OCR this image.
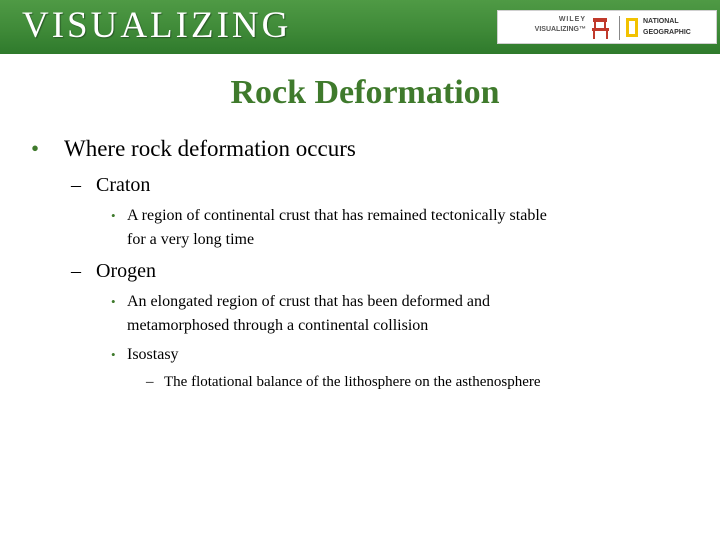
VISUALIZING	WILEY
VISUALIZING™
NATIONAL
GEOGRAPHIC
Rock Deformation
• Where rock deformation occurs
– Craton
• A region of continental crust that has remained tectonically stable
for a very long time
– Orogen
• An elongated region of crust that has been deformed and
metamorphosed through a continental collision
• Isostasy
– The flotational balance of the lithosphere on the asthenosphere
